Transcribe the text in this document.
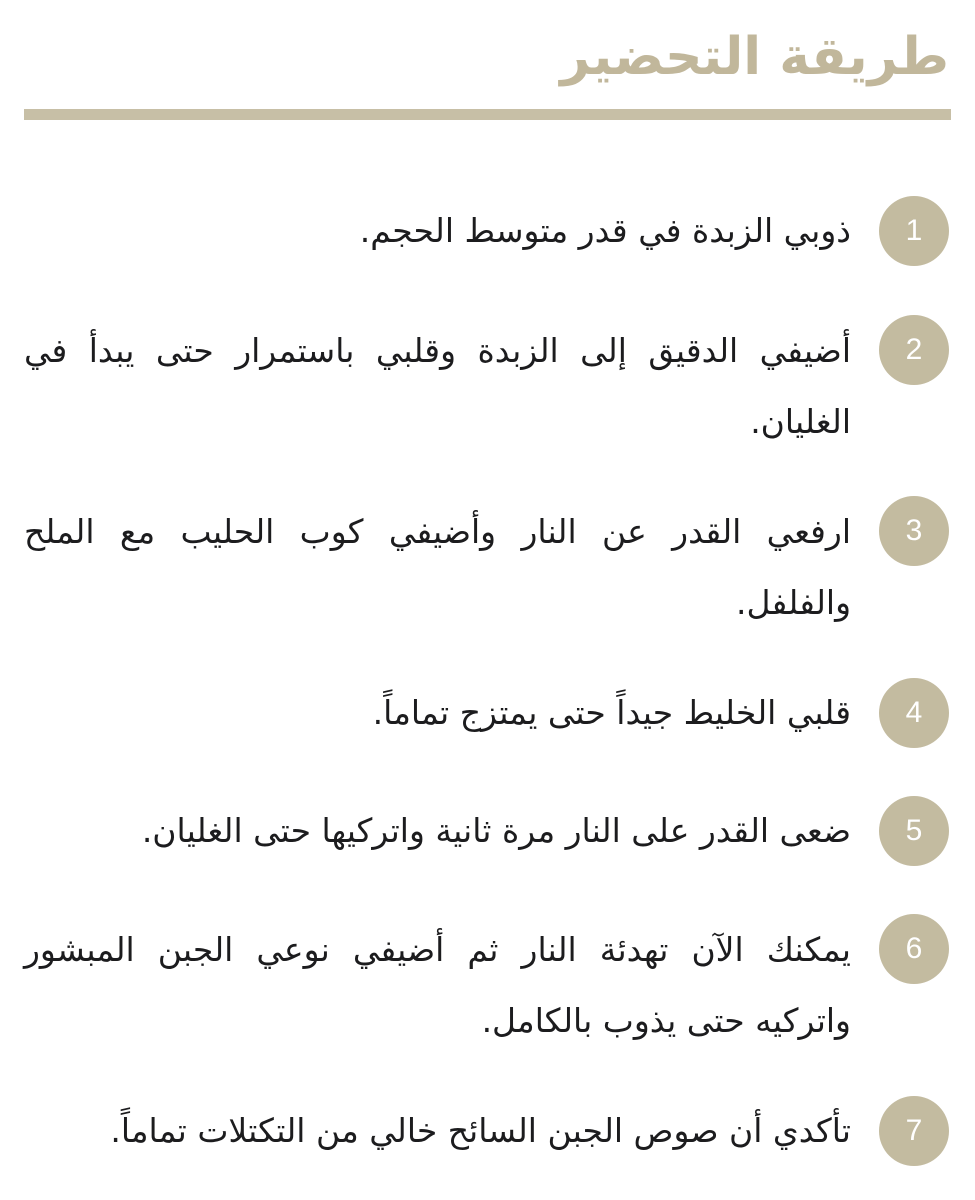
طريقة التحضير
1
ذوبي الزبدة في قدر متوسط الحجم.
2
أضيفي الدقيق إلى الزبدة وقلبي باستمرار حتى يبدأ في الغليان.
3
ارفعي القدر عن النار وأضيفي كوب الحليب مع الملح والفلفل.
4
قلبي الخليط جيداً حتى يمتزج تماماً.
5
ضعى القدر على النار مرة ثانية واتركيها حتى الغليان.
6
يمكنك الآن تهدئة النار ثم أضيفي نوعي الجبن المبشور واتركيه حتى يذوب بالكامل.
7
تأكدي أن صوص الجبن السائح خالي من التكتلات تماماً.
